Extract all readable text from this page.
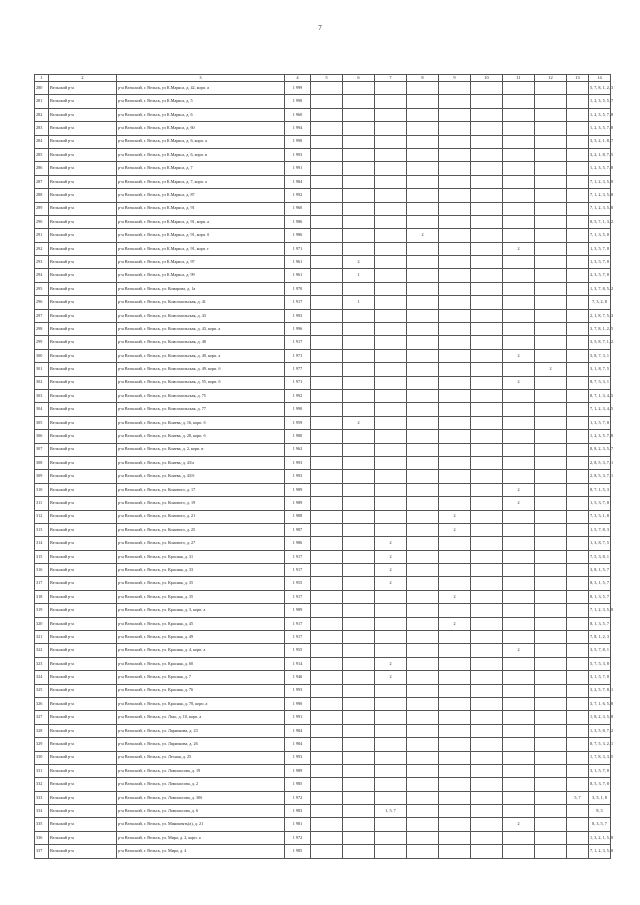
7
1	2	3	4	5	6	7	8	9	10	11	12	13	14
280	Вельский р-н	р-н Вельский, г. Вельск, ул К.Маркса, д. 42, корп. а	1 999										5, 7, 8, 1, 2, 3
281	Вельский р-н	р-н Вельский, г. Вельск, ул К.Маркса, д. 5	1 990										1, 2, 3, 5, 5, 7
282	Вельский р-н	р-н Вельский, г. Вельск, ул К.Маркса, д. 6	1 960										1, 2, 3, 5, 7, 8
283	Вельский р-н	р-н Вельский, г. Вельск, ул К.Маркса, д. 60	1 994										1, 2, 3, 5, 7, 8
284	Вельский р-н	р-н Вельский, г. Вельск, ул К.Маркса, д. 6, корп. а	1 990										3, 5, 2, 1, 8, 7
285	Вельский р-н	р-н Вельский, г. Вельск, ул К.Маркса, д. 6, корп. в	1 993										3, 2, 1, 8, 7, 5
286	Вельский р-н	р-н Вельский, г. Вельск, ул К.Маркса, д. 7	1 991										1, 2, 3, 5, 7, 8
287	Вельский р-н	р-н Вельский, г. Вельск, ул К.Маркса, д. 7, корп. а	1 984										7, 1, 2, 3, 5, 8
288	Вельский р-н	р-н Вельский, г. Вельск, ул К.Маркса, д. 87	1 992										7, 1, 2, 3, 5, 8
289	Вельский р-н	р-н Вельский, г. Вельск, ул К.Маркса, д. 91	1 960										7, 1, 2, 3, 5, 8
290	Вельский р-н	р-н Вельский, г. Вельск, ул К.Маркса, д. 91, корп. а	1 986										8, 5, 7, 1, 3, 2
291	Вельский р-н	р-н Вельский, г. Вельск, ул К.Маркса, д. 91, корп. б	1 986				2						7, 1, 3, 5, 8
292	Вельский р-н	р-н Вельский, г. Вельск, ул К.Маркса, д. 91, корп. г	1 971							2			1, 3, 5, 7, 8
293	Вельский р-н	р-н Вельский, г. Вельск, ул К.Маркса, д. 97	1 961		2								1, 3, 5, 7, 8
294	Вельский р-н	р-н Вельский, г. Вельск, ул К.Маркса, д. 99	1 961		1								2, 3, 5, 7, 8
295	Вельский р-н	р-н Вельский, г. Вельск, ул. Комарова, д. 1а	1 970										1, 3, 7, 8, 5, 2
296	Вельский р-н	р-н Вельский, г. Вельск, ул. Комсомольская, д. 41	1 917		1								7, 3, 2, 8
297	Вельский р-н	р-н Вельский, г. Вельск, ул. Комсомольская, д. 43	1 993										2, 1, 8, 7, 5, 3
298	Вельский р-н	р-н Вельский, г. Вельск, ул. Комсомольская, д. 43, корп. а	1 996										3, 7, 8, 1, 2, 5
299	Вельский р-н	р-н Вельский, г. Вельск, ул. Комсомольская, д. 48	1 917										3, 5, 8, 7, 1, 2
300	Вельский р-н	р-н Вельский, г. Вельск, ул. Комсомольская, д. 49, корп. а	1 971							2			5, 8, 7, 3, 1
301	Вельский р-н	р-н Вельский, г. Вельск, ул. Комсомольская, д. 49, корп. б	1 977								2		3, 1, 8, 7, 5
302	Вельский р-н	р-н Вельский, г. Вельск, ул. Комсомольская, д. 55, корп. б	1 971							2			8, 7, 5, 3, 1
303	Вельский р-н	р-н Вельский, г. Вельск, ул. Комсомольская, д. 75	1 992										8, 7, 1, 3, 4, 5
304	Вельский р-н	р-н Вельский, г. Вельск, ул. Комсомольская, д. 77	1 990										7, 1, 2, 3, 4, 5
305	Вельский р-н	р-н Вельский, г. Вельск, ул. Конева, д. 16, корп. б	1 959		2								1, 3, 5, 7, 8
306	Вельский р-н	р-н Вельский, г. Вельск, ул. Конева, д. 28, корп. б	1 980										1, 2, 3, 5, 7, 8
307	Вельский р-н	р-н Вельский, г. Вельск, ул. Конева, д. 2, корп. в	1 962										8, 8, 2, 3, 5, 7
308	Вельский р-н	р-н Вельский, г. Вельск, ул. Конева, д. 43/а	1 993										2, 8, 5, 3, 7, 1
309	Вельский р-н	р-н Вельский, г. Вельск, ул. Конева, д. 43/б	1 993										2, 8, 5, 3, 7, 1
310	Вельский р-н	р-н Вельский, г. Вельск, ул. Конового, д. 17	1 989							2			8, 7, 1, 5, 3
311	Вельский р-н	р-н Вельский, г. Вельск, ул. Конового, д. 19	1 989							2			1, 5, 3, 7, 8
312	Вельский р-н	р-н Вельский, г. Вельск, ул. Конового, д. 21	1 988					2					7, 3, 5, 1, 8
313	Вельский р-н	р-н Вельский, г. Вельск, ул. Конового, д. 25	1 987					2					1, 5, 7, 8, 3
314	Вельский р-н	р-н Вельский, г. Вельск, ул. Конового, д. 27	1 986			2							1, 3, 8, 7, 5
315	Вельский р-н	р-н Вельский, г. Вельск, ул. Красная, д. 31	1 917			2							7, 5, 3, 8, 1
316	Вельский р-н	р-н Вельский, г. Вельск, ул. Красная, д. 33	1 917			2							3, 8, 1, 5, 7
317	Вельский р-н	р-н Вельский, г. Вельск, ул. Красная, д. 35	1 955			2							8, 3, 1, 5, 7
318	Вельский р-н	р-н Вельский, г. Вельск, ул. Красная, д. 35	1 917					2					8, 1, 3, 5, 7
319	Вельский р-н	р-н Вельский, г. Вельск, ул. Красная, д. 3, корп. а	1 989										7, 1, 2, 3, 5, 8
320	Вельский р-н	р-н Вельский, г. Вельск, ул. Красная, д. 45	1 917					2					8, 1, 3, 5, 7
321	Вельский р-н	р-н Вельский, г. Вельск, ул. Красная, д. 49	1 917										7, 8, 1, 2, 3
322	Вельский р-н	р-н Вельский, г. Вельск, ул. Красная, д. 4, корп. а	1 955							2			3, 5, 7, 8, 1
323	Вельский р-н	р-н Вельский, г. Вельск, ул. Красная, д. 60	1 914			2							5, 7, 5, 3, 8
324	Вельский р-н	р-н Вельский, г. Вельск, ул. Красная, д. 7	1 946			2							3, 1, 5, 7, 8
325	Вельский р-н	р-н Вельский, г. Вельск, ул. Красная, д. 76	1 993										3, 2, 5, 7, 8, 1
326	Вельский р-н	р-н Вельский, г. Вельск, ул. Красная, д. 78, корп. а	1 990										3, 7, 1, 6, 5, 8
327	Вельский р-н	р-н Вельский, г. Вельск, ул. Лазо, д. 10, корп. а	1 991										1, 8, 2, 3, 5, 8
328	Вельский р-н	р-н Вельский, г. Вельск, ул. Ларионова, д. 23	1 984										1, 3, 5, 8, 7, 2
329	Вельский р-н	р-н Вельский, г. Вельск, ул. Ларионова, д. 26	1 984										8, 7, 5, 3, 2, 1
330	Вельский р-н	р-н Вельский, г. Вельск, ул. Лесная, д. 25	1 993										1, 7, 8, 3, 3, 5
331	Вельский р-н	р-н Вельский, г. Вельск, ул. Ломоносова, д. 19	1 989										3, 1, 5, 7, 8
332	Вельский р-н	р-н Вельский, г. Вельск, ул. Ломоносова, д. 2	1 985										8, 5, 3, 7, 8
333	Вельский р-н	р-н Вельский, г. Вельск, ул. Ломоносова, д. 30б	1 972									5, 7	3, 5, 1, 8
334	Вельский р-н	р-н Вельский, г. Вельск, ул. Ломоносова, д. 6	1 983			1, 5, 7							8, 3
335	Вельский р-н	р-н Вельский, г. Вельск, ул. Минокенть(а), д. 21	1 981							2			8, 3, 5, 7
336	Вельский р-н	р-н Вельский, г. Вельск, ул. Мира, д. 2, корп. а	1 972										1, 3, 2, 1, 5, 8
337	Вельский р-н	р-н Вельский, г. Вельск, ул. Мира, д. 4	1 985										7, 1, 2, 3, 5, 8
